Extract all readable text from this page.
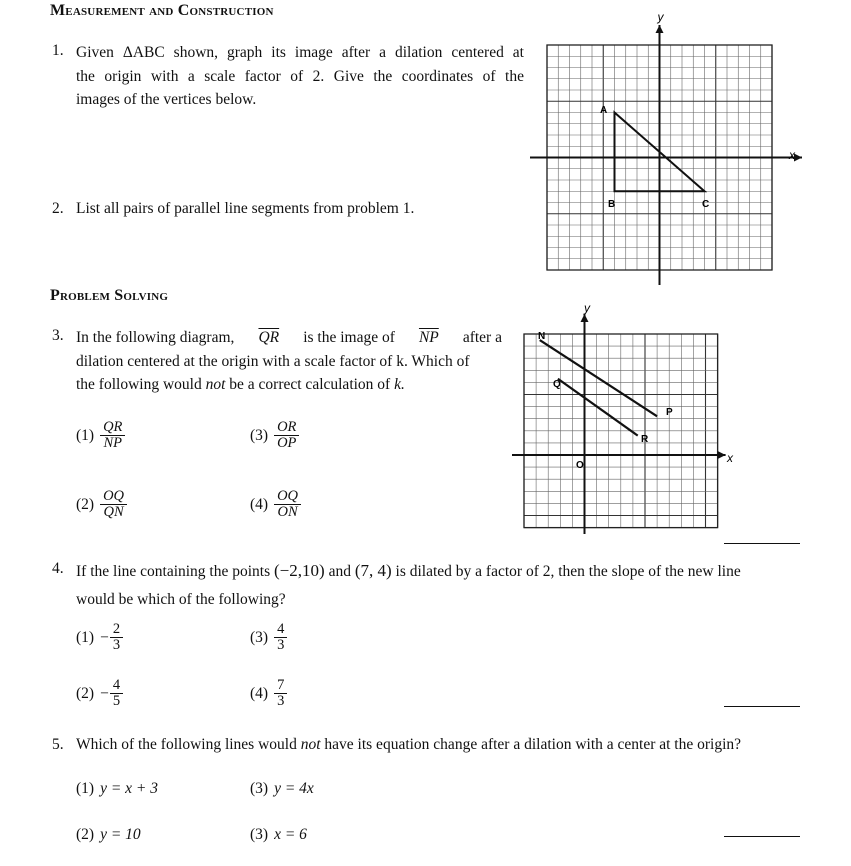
Measurement and Construction
1. Given ΔABC shown, graph its image after a dilation centered at
the origin with a scale factor of 2. Give the coordinates of the
images of the vertices below.
y
x
A
B	C
2. List all pairs of parallel line segments from problem 1.
Problem Solving
3. In the following diagram, $\overline{QR}$ is the image of $\overline{NP}$ after a
dilation centered at the origin with a scale factor of k. Which of
the following would not be a correct calculation of k.
$(1) \frac{QR}{NP}$	$(3) \frac{OR}{OP}$
$(2) \frac{OQ}{QN}$	$(4) \frac{OQ}{ON}$
y
x
N
Q
P
R
O
4. If the line containing the points (−2,10) and (7, 4) is dilated by a factor of 2, then the slope of the new line
would be which of the following?
$(1) - \frac{2}{3}$	$(3) \frac{4}{3}$
$(2) - \frac{4}{5}$	$(4) \frac{7}{3}$
5. Which of the following lines would not have its equation change after a dilation with a center at the origin?
(1) y = x + 3	(3) y = 4x
(2) y = 10	(3) x = 6
